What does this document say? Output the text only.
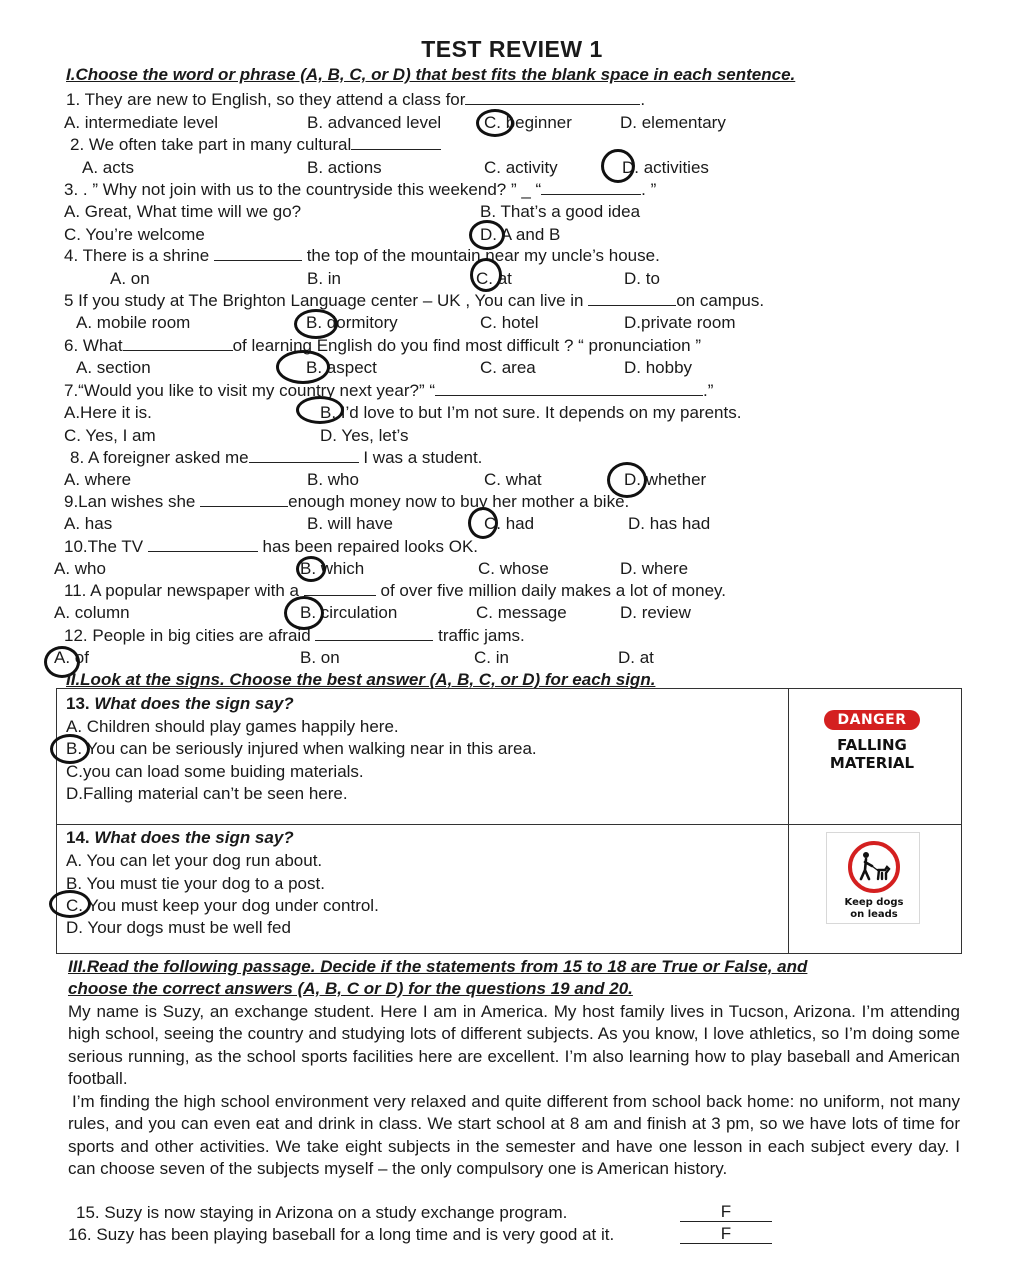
TEST REVIEW 1
I.Choose the word or phrase (A, B, C, or D) that best fits the blank space in each sentence.
1. They are new to English, so they attend a class for	.
A. intermediate level	B. advanced level	C. beginner	D. elementary
2. We often take part in many cultural
A. acts	B. actions	C. activity	D. activities
3. . ” Why not join with us to the countryside this weekend? ” _ “	. ”
A. Great, What time will we go?	B. That’s a good idea
C. You’re welcome	D. A and B
4. There is a shrine	the top of the mountain near my uncle’s house.
A. on	B. in	C. at	D. to
5 If you study at The Brighton Language center – UK , You can live in	on campus.
A. mobile room	B. dormitory	C. hotel	D.private room
6. What	of learning English do you find most difficult ? “ pronunciation ”
A. section	B. aspect	C. area	D. hobby
7.“Would you like to visit my country next year?” “	.”
A.Here it is.	B. I’d love to but I’m not sure. It depends on my parents.
C. Yes, I am	D. Yes, let’s
8. A foreigner asked me	I was a student.
A. where	B. who	C. what	D. whether
9.Lan wishes she	enough money now to buy her mother a bike.
A. has	B. will have	C. had	D. has had
10.The TV	has been repaired looks OK.
A. who	B. which	C. whose	D. where
11. A popular newspaper with a	of over five million daily makes a lot of money.
A. column	B. circulation	C. message	D. review
12. People in big cities are afraid	traffic jams.
A. of	B. on	C. in	D. at
II.Look at the signs. Choose the best answer (A, B, C, or D) for each sign.
13. What does the sign say?
A. Children should play games happily here.
B. You can be seriously injured when walking near in this area.
C.you can load some buiding materials.
D.Falling material can’t be seen here.
DANGER
FALLING
MATERIAL
14. What does the sign say?
A. You can let your dog run about.
B. You must tie your dog to a post.
C. You must keep your dog under control.
D. Your dogs must be well fed
Keep dogs
on leads
III.Read the following passage. Decide if the statements from 15 to 18 are True or False, and
choose the correct answers (A, B, C or D) for the questions 19 and 20.
My name is Suzy, an exchange student. Here I am in America. My host family lives in Tucson, Arizona. I’m attending high school, seeing the country and studying lots of different subjects. As you know, I love athletics, so I’m doing some serious running, as the school sports facilities here are excellent. I’m also learning how to play baseball and American football.
I’m finding the high school environment very relaxed and quite different from school back home: no uniform, not many rules, and you can even eat and drink in class. We start school at 8 am and finish at 3 pm, so we have lots of time for sports and other activities. We take eight subjects in the semester and have one lesson in each subject every day. I can choose seven of the subjects myself – the only compulsory one is American history.
15. Suzy is now staying in Arizona on a study exchange program.	F
16. Suzy has been playing baseball for a long time and is very good at it.	F
